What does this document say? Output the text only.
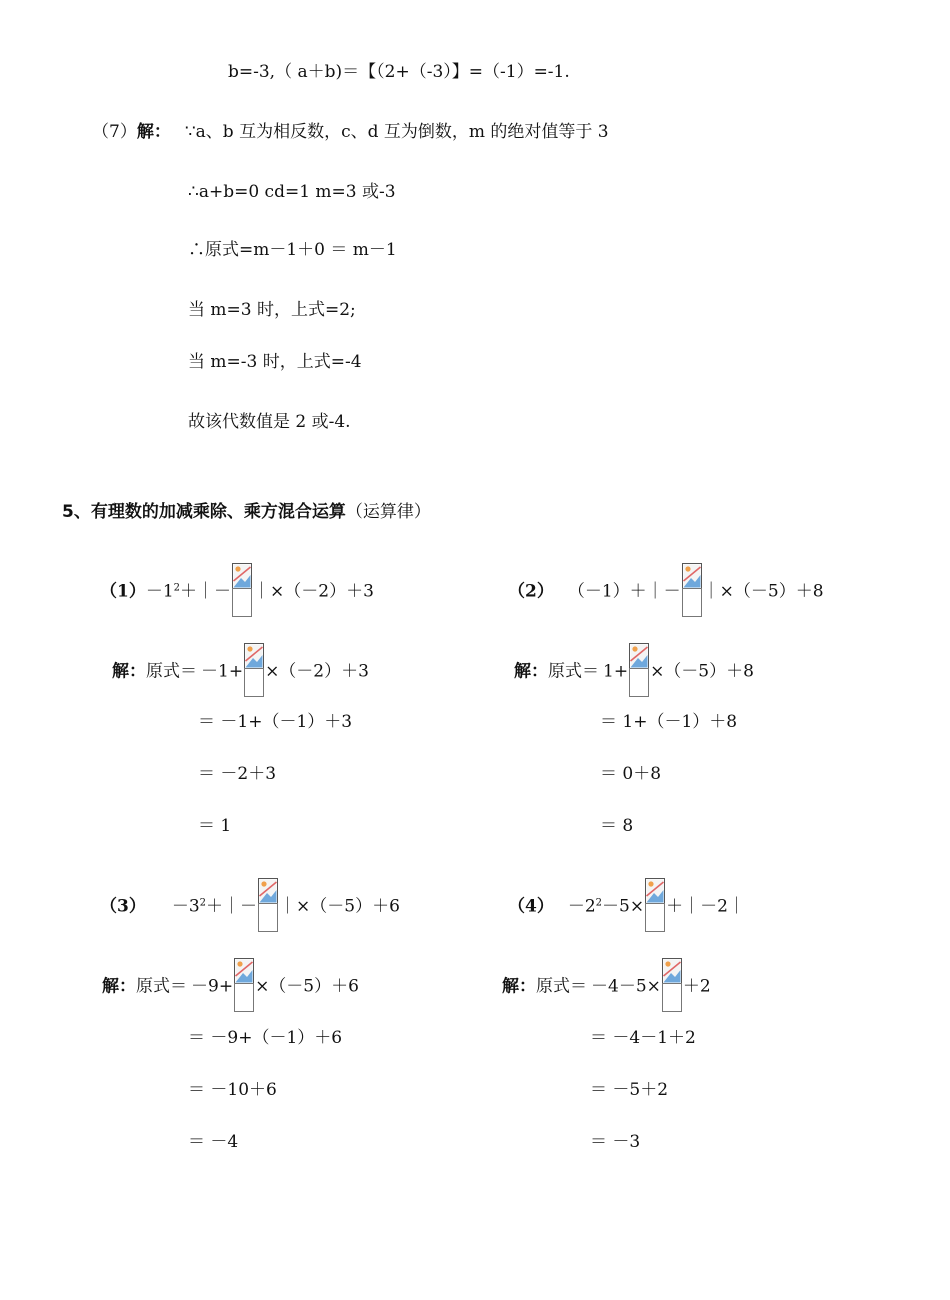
b=-3,（ a＋b)＝【（2+（-3）】=（-1）=-1.
（7）解： ∵a、b 互为相反数，c、d 互为倒数，m 的绝对值等于 3
∴a+b=0 cd=1 m=3 或-3
∴原式=m－1＋0 ＝ m－1
当 m=3 时，上式=2;
当 m=-3 时，上式=-4
故该代数值是 2 或-4.
5、有理数的加减乘除、乘方混合运算（运算律）
$(1)-1^2+|-$ ｜×（－2）＋3
解：原式＝ －1+ ×（－2）＋3
＝ －1+（－1）＋3
＝ －2＋3
＝ 1
（2） （－1）＋｜－ ｜×（－5）＋8
解：原式＝ 1+ ×（－5）＋8
＝ 1+（－1）＋8
＝ 0＋8
＝ 8
$(3) -3^2+|-$ ｜×（－5）＋6
解：原式＝ －9+ ×（－5）＋6
＝ －9+（－1）＋6
＝ －10＋6
＝ －4
$(4) -2^2-5\times$ ＋｜－2｜
解：原式＝ －4－5× ＋2
＝ －4－1＋2
＝ －5＋2
＝ －3
